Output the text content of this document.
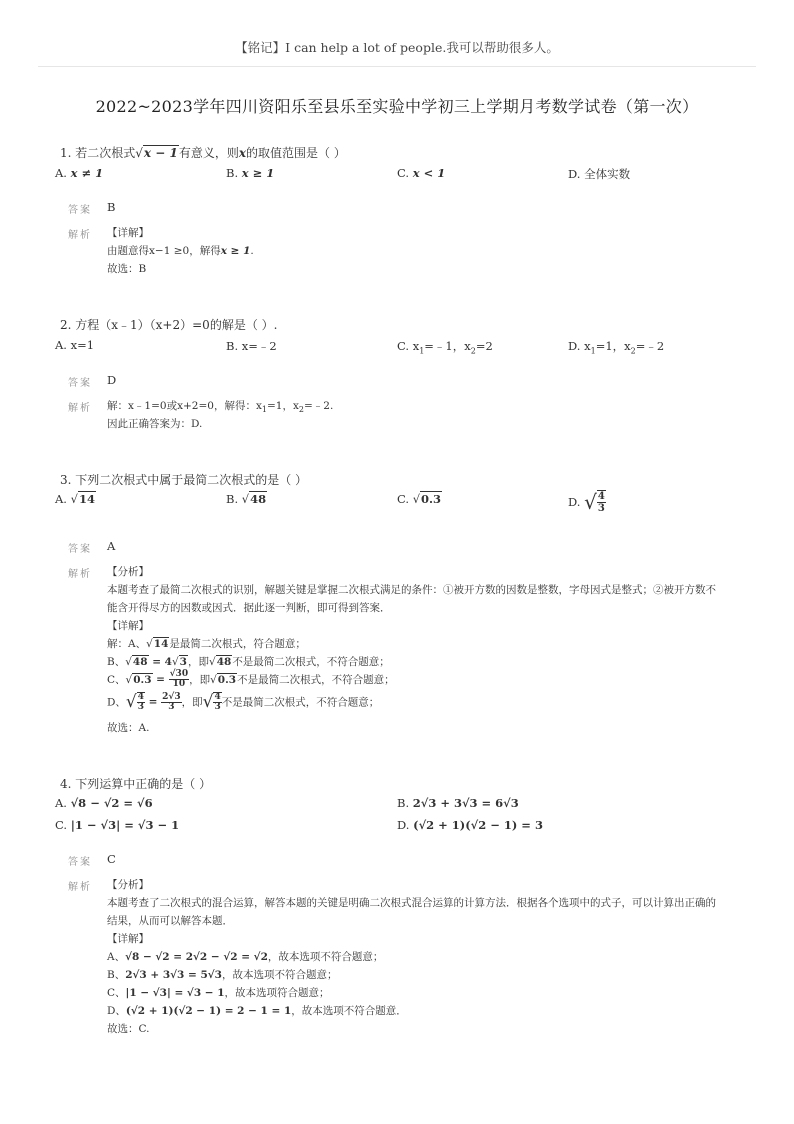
【铭记】I can help a lot of people.我可以帮助很多人。
2022~2023学年四川资阳乐至县乐至实验中学初三上学期月考数学试卷（第一次）
1. 若二次根式√x − 1有意义，则x的取值范围是（ ）
A. x ≠ 1	B. x ≥ 1	C. x < 1	D. 全体实数
答案 B
解析 【详解】
由题意得x−1 ≥0，解得x ≥ 1.
故选：B
2. 方程（x﹣1）（x+2）=0的解是（ ）.
A. x=1	B. x=﹣2	C. $x_1=﹣1$，$x_2=2$	D. $x_1=1$，$x_2=﹣2$
答案 D
解析 解：x﹣1=0或x+2=0，解得：$x_1=1$，$x_2=﹣2$.
因此正确答案为：D.
3. 下列二次根式中属于最简二次根式的是（ ）
A. √14	B. √48	C. √0.3	D. √ $\frac{4}{3}$
答案 A
解析 【分析】
本题考查了最简二次根式的识别，解题关键是掌握二次根式满足的条件：①被开方数的因数是整数，字母因式是整式；②被开方数不
能含开得尽方的因数或因式．据此逐一判断，即可得到答案．
【详解】
解：A、√14是最简二次根式，符合题意；
B、√48 = 4√3，即√48不是最简二次根式，不符合题意；
C、$√0.3 = \frac{√30}{10}$ ，即√0.3不是最简二次根式，不符合题意；
D、√ $\frac{4}{3} = \frac{2√3}{3}$ ，即√ $\frac{4}{3}$ 不是最简二次根式，不符合题意；
故选：A.
4. 下列运算中正确的是（ ）
A. √8 − √2 = √6	B. 2√3 + 3√3 = 6√3
C. |1 − √3| = √3 − 1	D. (√2 + 1)(√2 − 1) = 3
答案 C
解析 【分析】
本题考查了二次根式的混合运算，解答本题的关键是明确二次根式混合运算的计算方法．根据各个选项中的式子，可以计算出正确的
结果，从而可以解答本题．
【详解】
A、√8 − √2 = 2√2 − √2 = √2，故本选项不符合题意；
B、2√3 + 3√3 = 5√3，故本选项不符合题意；
C、|1 − √3| = √3 − 1，故本选项符合题意；
D、(√2 + 1)(√2 − 1) = 2 − 1 = 1，故本选项不符合题意．
故选：C.
